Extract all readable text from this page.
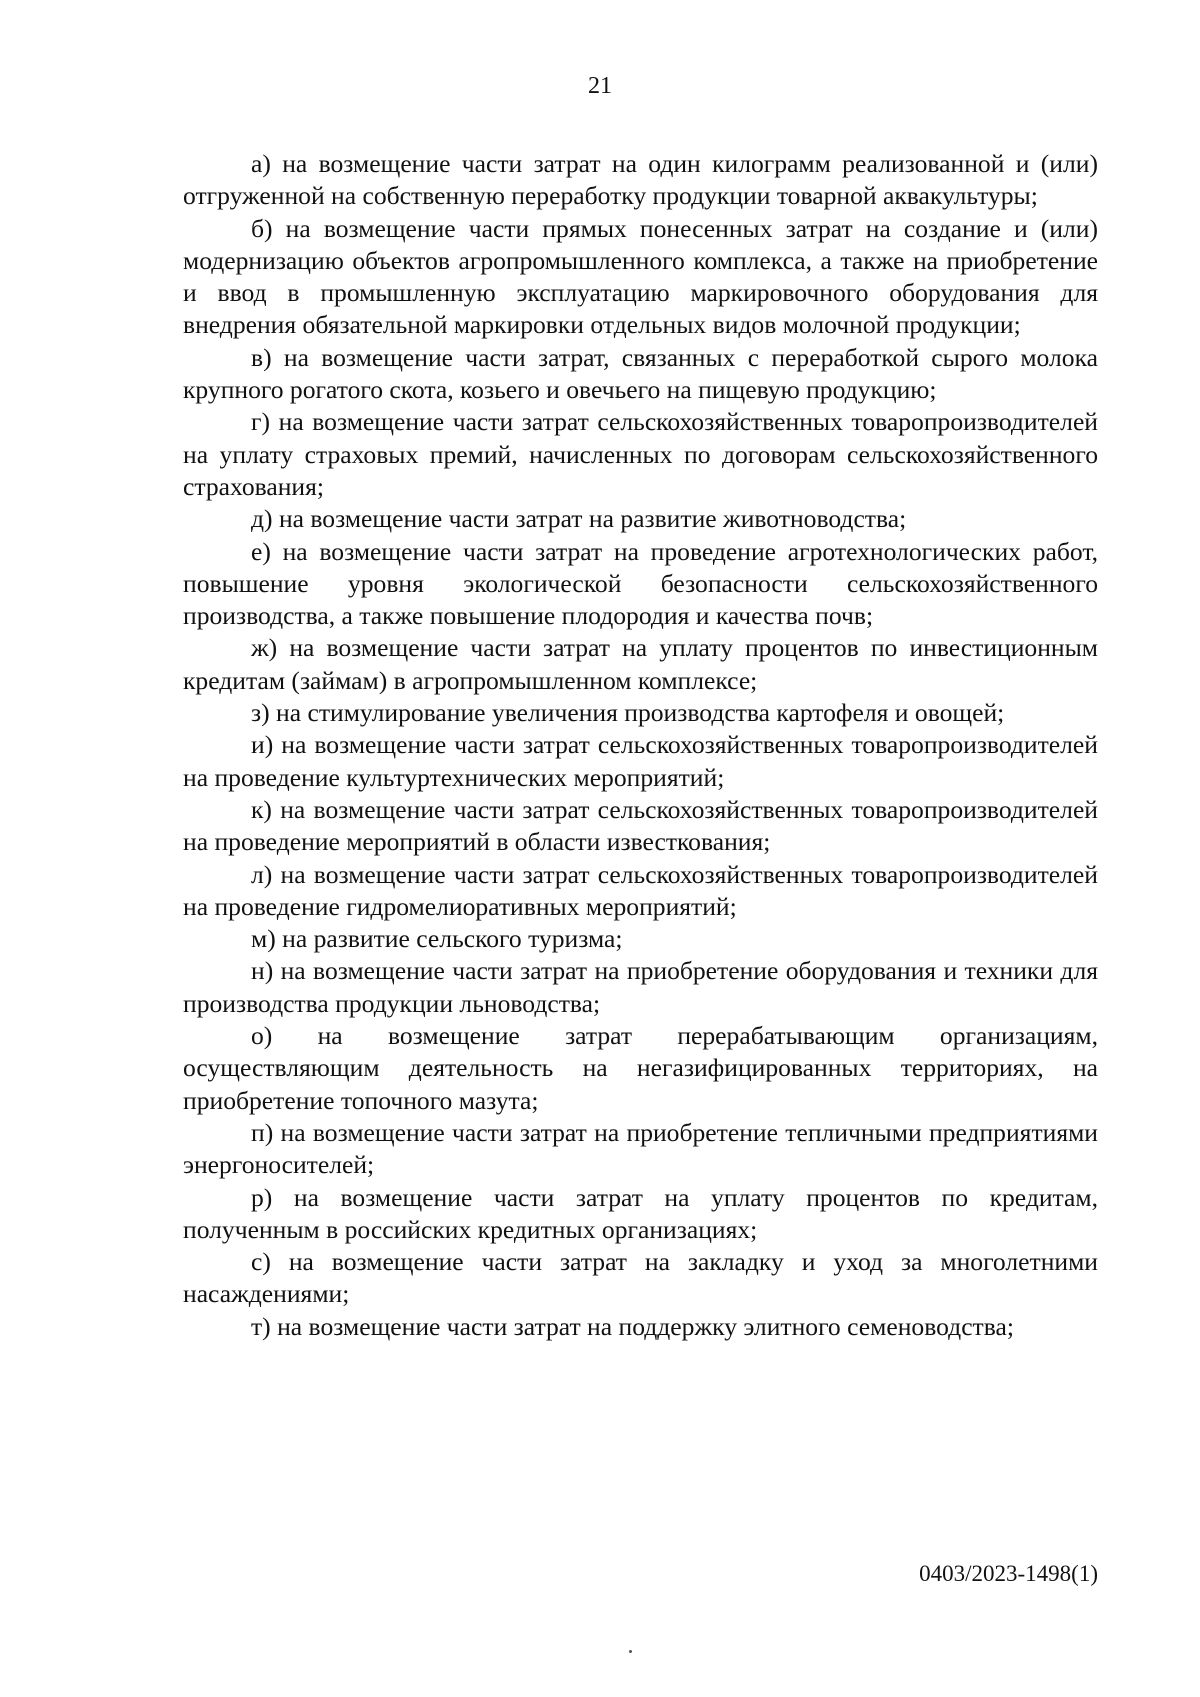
21

а) на возмещение части затрат на один килограмм реализованной и (или) отгруженной на собственную переработку продукции товарной аквакультуры;

б) на возмещение части прямых понесенных затрат на создание и (или) модернизацию объектов агропромышленного комплекса, а также на приобретение и ввод в промышленную эксплуатацию маркировочного оборудования для внедрения обязательной маркировки отдельных видов молочной продукции;

в) на возмещение части затрат, связанных с переработкой сырого молока крупного рогатого скота, козьего и овечьего на пищевую продукцию;

г) на возмещение части затрат сельскохозяйственных товаропроизводителей на уплату страховых премий, начисленных по договорам сельскохозяйственного страхования;

д) на возмещение части затрат на развитие животноводства;

е) на возмещение части затрат на проведение агротехнологических работ, повышение уровня экологической безопасности сельскохозяйственного производства, а также повышение плодородия и качества почв;

ж) на возмещение части затрат на уплату процентов по инвестиционным кредитам (займам) в агропромышленном комплексе;

з) на стимулирование увеличения производства картофеля и овощей;

и) на возмещение части затрат сельскохозяйственных товаропроизводителей на проведение культуртехнических мероприятий;

к) на возмещение части затрат сельскохозяйственных товаропроизводителей на проведение мероприятий в области известкования;

л) на возмещение части затрат сельскохозяйственных товаропроизводителей на проведение гидромелиоративных мероприятий;

м) на развитие сельского туризма;

н) на возмещение части затрат на приобретение оборудования и техники для производства продукции льноводства;

о) на возмещение затрат перерабатывающим организациям, осуществляющим деятельность на негазифицированных территориях, на приобретение топочного мазута;

п) на возмещение части затрат на приобретение тепличными предприятиями энергоносителей;

р) на возмещение части затрат на уплату процентов по кредитам, полученным в российских кредитных организациях;

с) на возмещение части затрат на закладку и уход за многолетними насаждениями;

т) на возмещение части затрат на поддержку элитного семеноводства;

0403/2023-1498(1)
